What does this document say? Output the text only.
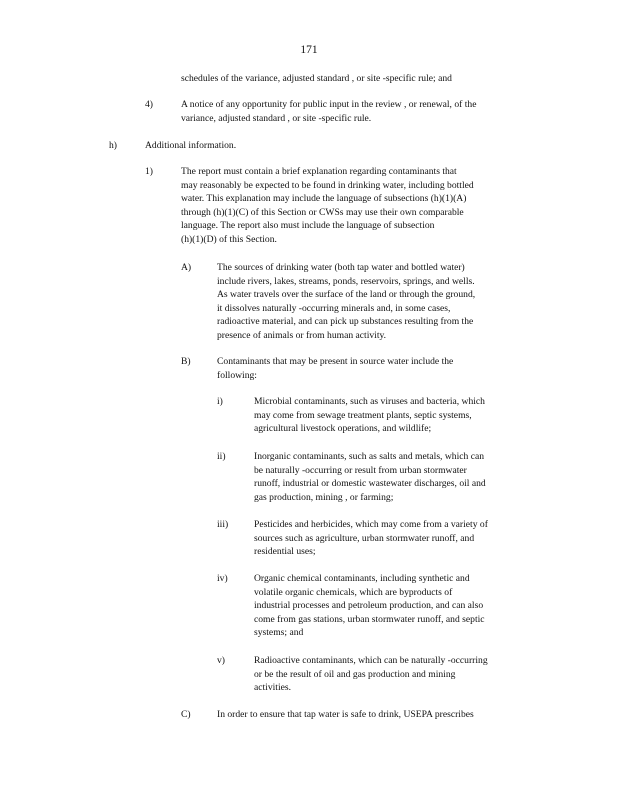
171
schedules of the variance, adjusted standard , or site -specific rule; and
4)	A notice of any opportunity for public input in the review , or renewal, of the
variance, adjusted standard , or site -specific rule.
h)	Additional information.
1)	The report must contain a brief explanation regarding contaminants that
may reasonably be expected to be found in drinking water, including bottled
water. This explanation may include the language of subsections (h)(1)(A)
through (h)(1)(C) of this Section or CWSs may use their own comparable
language. The report also must include the language of subsection
(h)(1)(D) of this Section.
A)	The sources of drinking water (both tap water and bottled water)
include rivers, lakes, streams, ponds, reservoirs, springs, and wells.
As water travels over the surface of the land or through the ground,
it dissolves naturally -occurring minerals and, in some cases,
radioactive material, and can pick up substances resulting from the
presence of animals or from human activity.
B)	Contaminants that may be present in source water include the
following:
i)	Microbial contaminants, such as viruses and bacteria, which
may come from sewage treatment plants, septic systems,
agricultural livestock operations, and wildlife;
ii)	Inorganic contaminants, such as salts and metals, which can
be naturally -occurring or result from urban stormwater
runoff, industrial or domestic wastewater discharges, oil and
gas production, mining , or farming;
iii)	Pesticides and herbicides, which may come from a variety of
sources such as agriculture, urban stormwater runoff, and
residential uses;
iv)	Organic chemical contaminants, including synthetic and
volatile organic chemicals, which are byproducts of
industrial processes and petroleum production, and can also
come from gas stations, urban stormwater runoff, and septic
systems; and
v)	Radioactive contaminants, which can be naturally -occurring
or be the result of oil and gas production and mining
activities.
C)	In order to ensure that tap water is safe to drink, USEPA prescribes
